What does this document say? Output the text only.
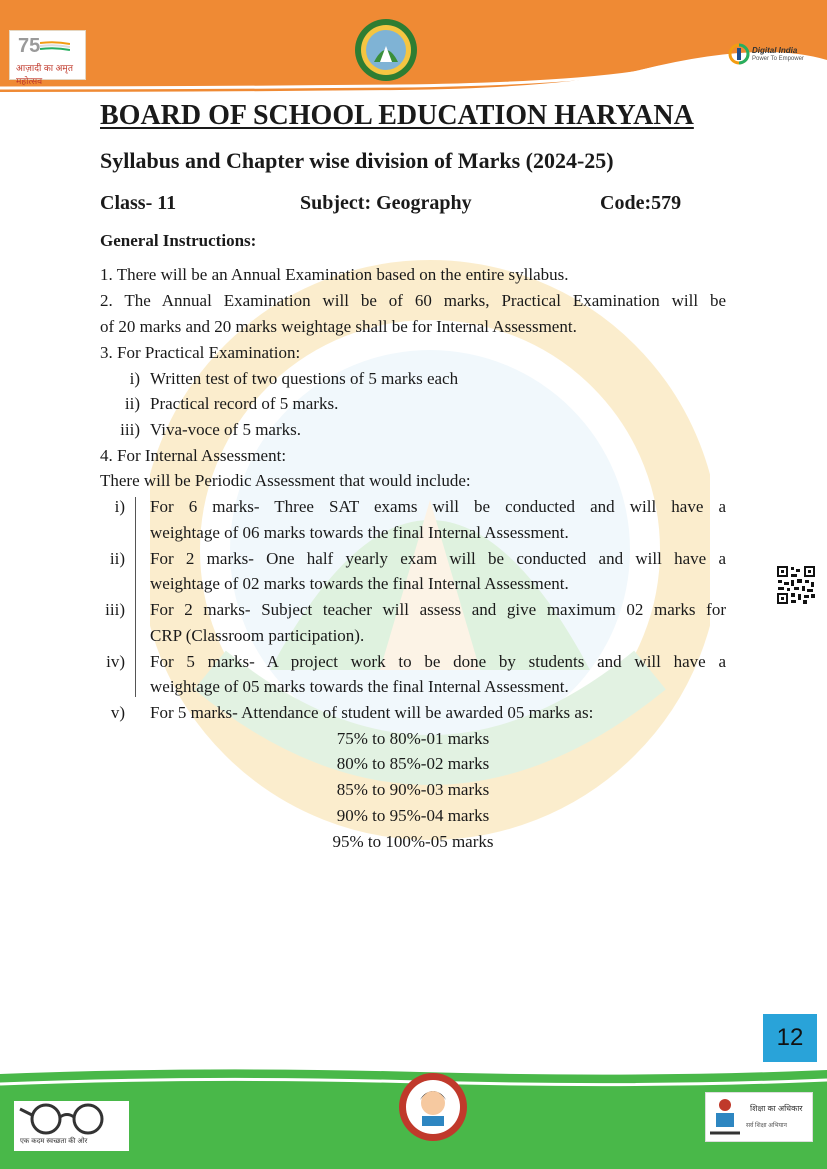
75
आज़ादी का अमृत महोत्सव
Digital India
Power To Empower
BOARD OF SCHOOL EDUCATION HARYANA
Syllabus and Chapter wise division of Marks (2024-25)
Class- 11	Subject: Geography	Code:579
General Instructions:
1. There will be an Annual Examination based on the entire syllabus.
2. The Annual Examination will be of 60 marks, Practical Examination will be
of 20 marks and 20 marks weightage shall be for Internal Assessment.
3. For Practical Examination:
i) Written test of two questions of 5 marks each
ii) Practical record of 5 marks.
iii) Viva-voce of 5 marks.
4. For Internal Assessment:
There will be Periodic Assessment that would include:
i) For 6 marks- Three SAT exams will be conducted and will have a
weightage of 06 marks towards the final Internal Assessment.
ii) For 2 marks- One half yearly exam will be conducted and will have a
weightage of 02 marks towards the final Internal Assessment.
iii) For 2 marks- Subject teacher will assess and give maximum 02 marks for
CRP (Classroom participation).
iv) For 5 marks- A project work to be done by students and will have a
weightage of 05 marks towards the final Internal Assessment.
v) For 5 marks- Attendance of student will be awarded 05 marks as:
75% to 80%-01 marks
80% to 85%-02 marks
85% to 90%-03 marks
90% to 95%-04 marks
95% to 100%-05 marks
12
एक कदम स्वच्छता की ओर
शिक्षा का अधिकार
सर्व शिक्षा अभियान
